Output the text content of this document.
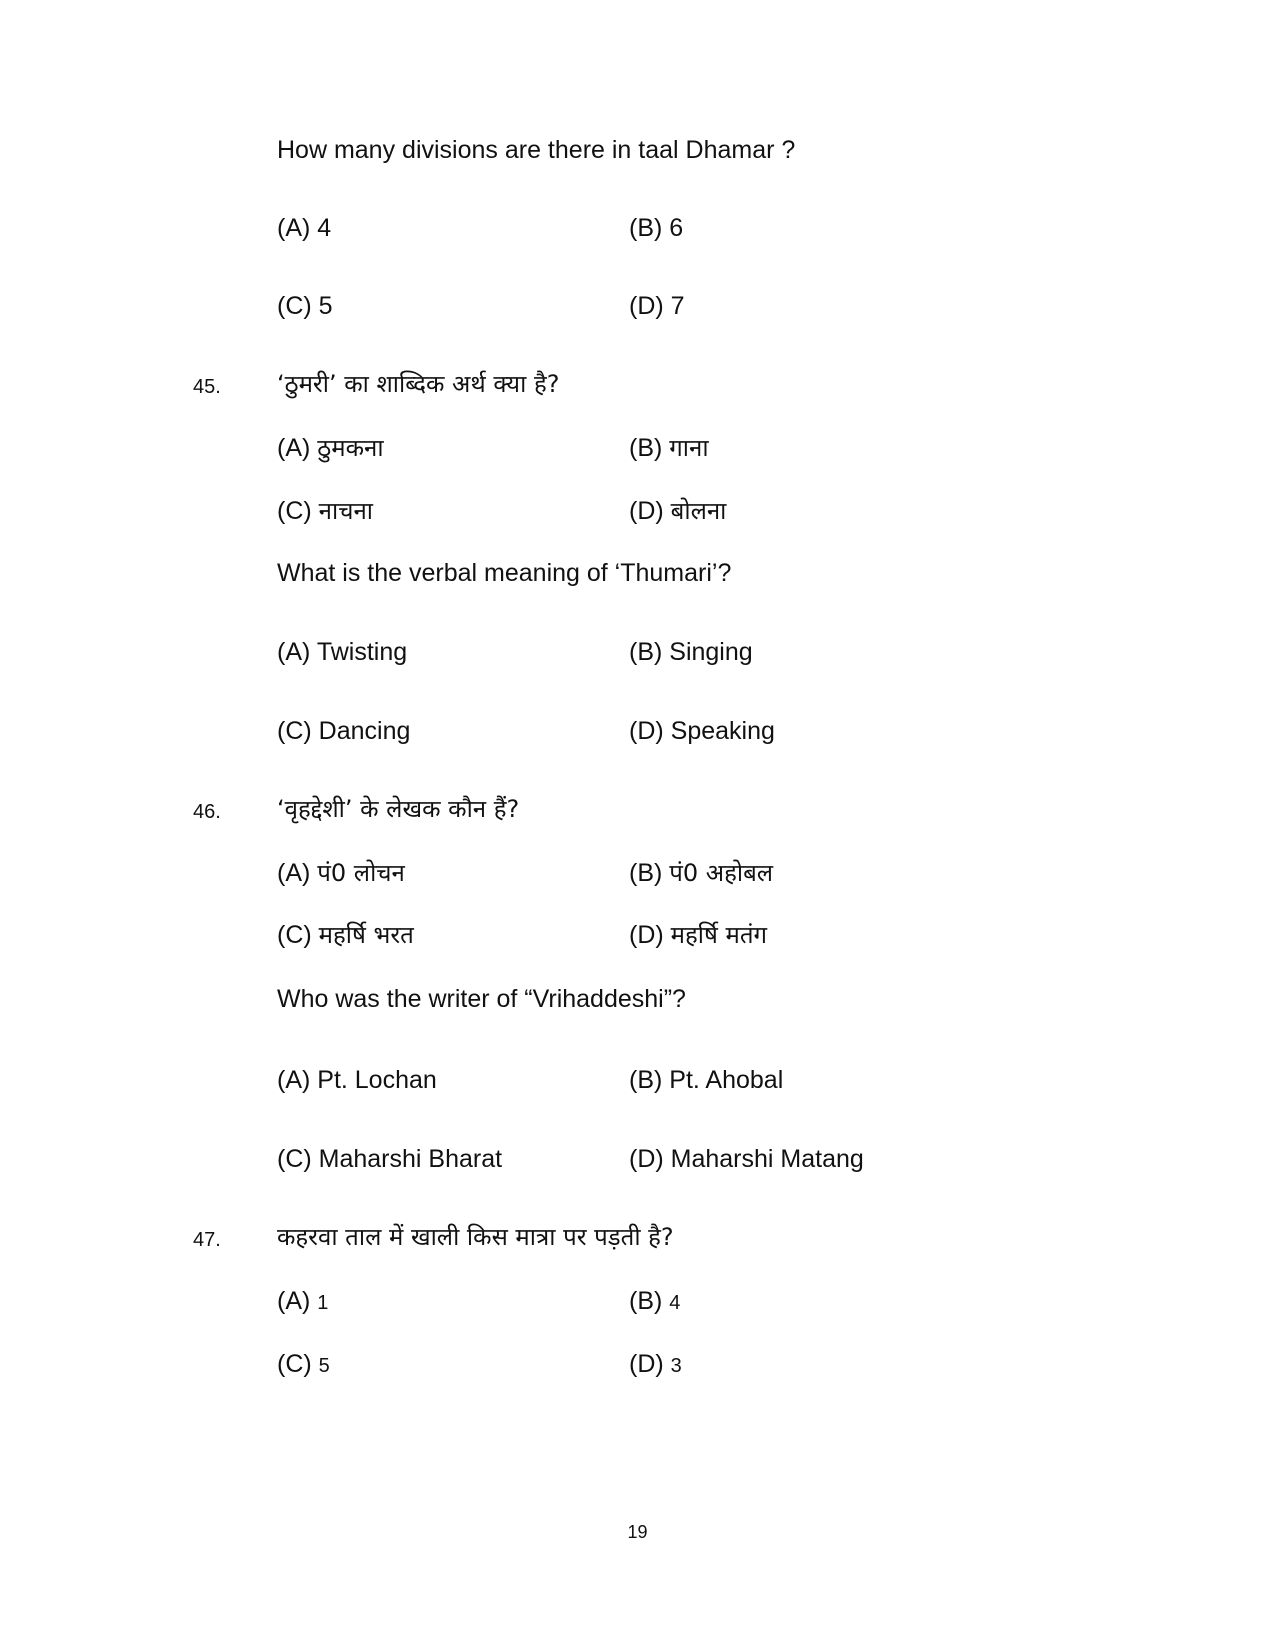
How many divisions are there in taal Dhamar ?
(A) 4	(B) 6
(C) 5	(D) 7
45. ‘ठुमरी’ का शाब्दिक अर्थ क्या है?
(A) ठुमकना	(B) गाना
(C) नाचना	(D) बोलना
What is the verbal meaning of ‘Thumari’?
(A) Twisting	(B) Singing
(C) Dancing	(D) Speaking
46. ‘वृहद्देशी’ के लेखक कौन हैं?
(A) पं0 लोचन	(B) पं0 अहोबल
(C) महर्षि भरत	(D) महर्षि मतंग
Who was the writer of “Vrihaddeshi”?
(A) Pt. Lochan	(B) Pt. Ahobal
(C) Maharshi Bharat	(D) Maharshi Matang
47. कहरवा ताल में खाली किस मात्रा पर पड़ती है?
(A) 1	(B) 4
(C) 5	(D) 3
19
